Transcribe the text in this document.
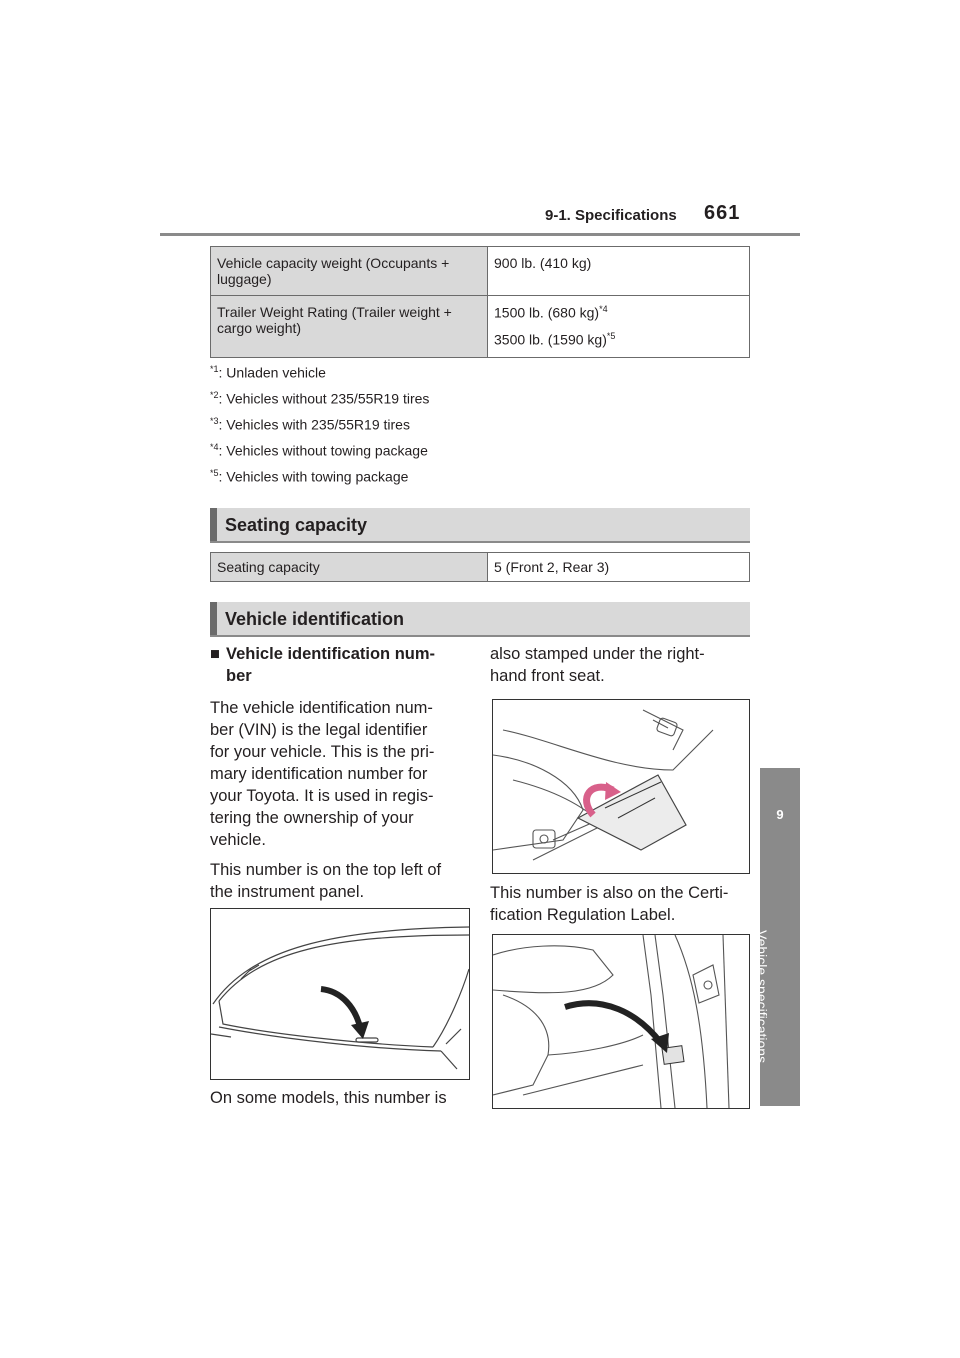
9-1. Specifications 661
9
Vehicle specifications
Vehicle capacity weight (Occupants + luggage)	900 lb. (410 kg)
Trailer Weight Rating (Trailer weight + cargo weight)	1500 lb. (680 kg)$^{*4}$
3500 lb. (1590 kg)$^{*5}$
$^{*1}$: Unladen vehicle
$^{*2}$: Vehicles without 235/55R19 tires
$^{*3}$: Vehicles with 235/55R19 tires
$^{*4}$: Vehicles without towing package
$^{*5}$: Vehicles with towing package
Seating capacity
Seating capacity	5 (Front 2, Rear 3)
Vehicle identification
■ Vehicle identification num-
ber

The vehicle identification num-
ber (VIN) is the legal identifier
for your vehicle. This is the pri-
mary identification number for
your Toyota. It is used in regis-
tering the ownership of your
vehicle.

This number is on the top left of
the instrument panel.

On some models, this number is

also stamped under the right-
hand front seat.

This number is also on the Certi-
fication Regulation Label.
